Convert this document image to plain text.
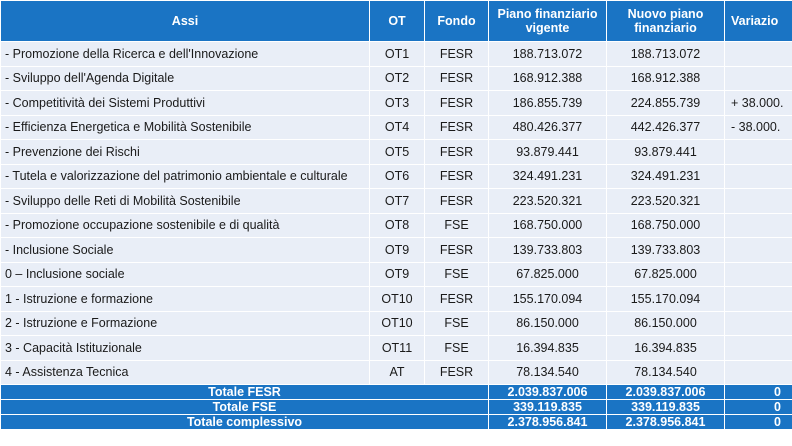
Assi	OT	Fondo	Piano finanziario vigente	Nuovo piano finanziario	Variazio
- Promozione della Ricerca e dell'Innovazione	OT1	FESR	188.713.072	188.713.072	
- Sviluppo dell'Agenda Digitale	OT2	FESR	168.912.388	168.912.388	
- Competitività dei Sistemi Produttivi	OT3	FESR	186.855.739	224.855.739	+ 38.000.
- Efficienza Energetica e Mobilità Sostenibile	OT4	FESR	480.426.377	442.426.377	- 38.000.
- Prevenzione dei Rischi	OT5	FESR	93.879.441	93.879.441	
- Tutela e valorizzazione del patrimonio ambientale e culturale	OT6	FESR	324.491.231	324.491.231	
- Sviluppo delle Reti di Mobilità Sostenibile	OT7	FESR	223.520.321	223.520.321	
- Promozione occupazione sostenibile e di qualità	OT8	FSE	168.750.000	168.750.000	
- Inclusione Sociale	OT9	FESR	139.733.803	139.733.803	
0 – Inclusione sociale	OT9	FSE	67.825.000	67.825.000	
1 - Istruzione e formazione	OT10	FESR	155.170.094	155.170.094	
2 - Istruzione e Formazione	OT10	FSE	86.150.000	86.150.000	
3 - Capacità Istituzionale	OT11	FSE	16.394.835	16.394.835	
4 - Assistenza Tecnica	AT	FESR	78.134.540	78.134.540	
Totale FESR			2.039.837.006	2.039.837.006	0
Totale FSE			339.119.835	339.119.835	0
Totale complessivo			2.378.956.841	2.378.956.841	0
